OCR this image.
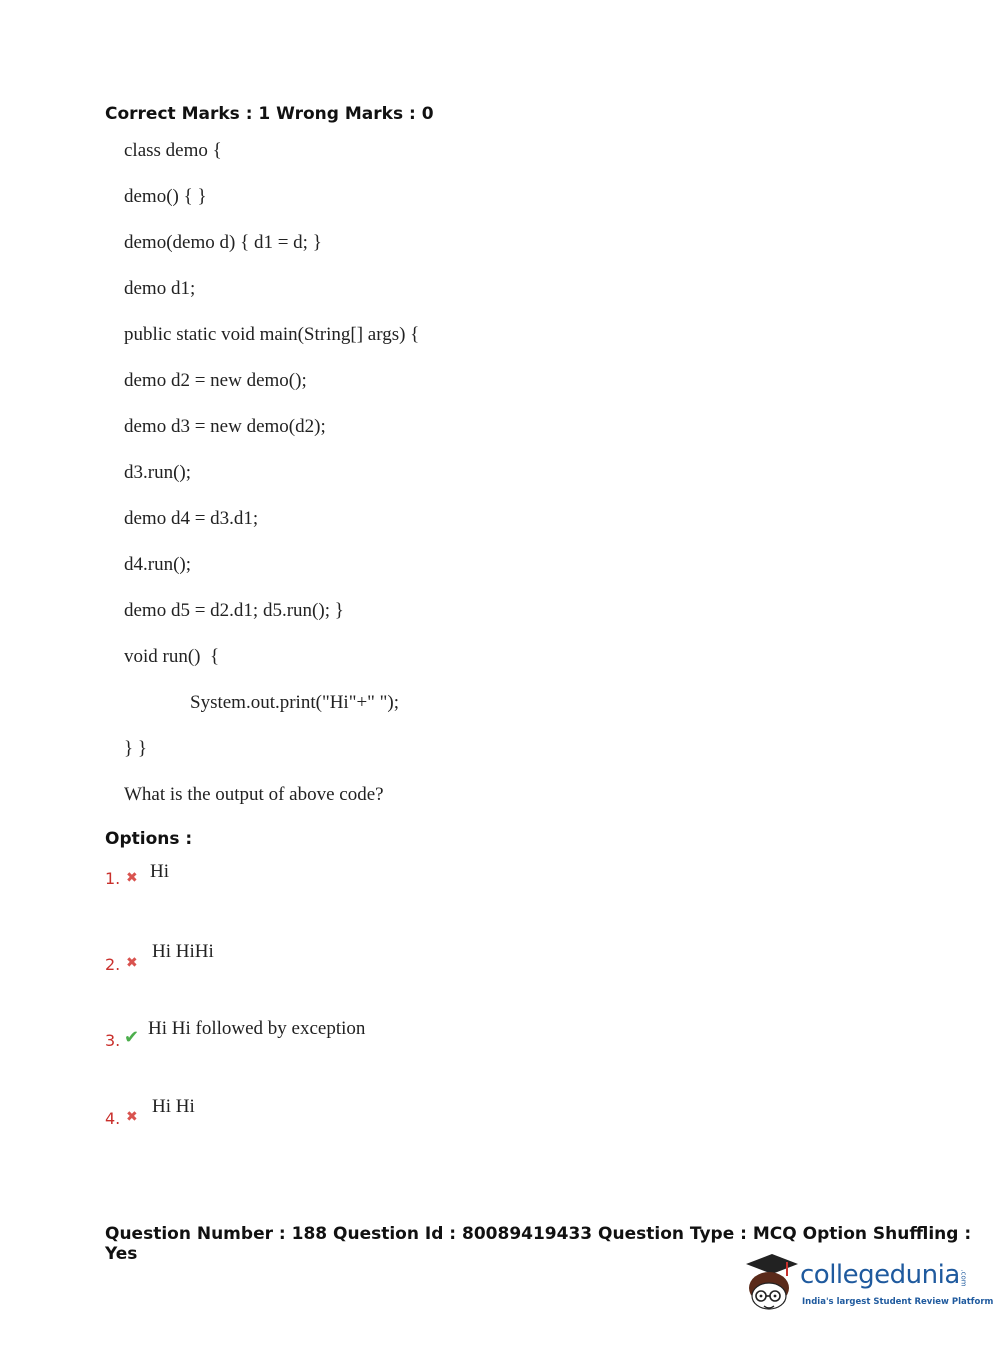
Correct Marks : 1 Wrong Marks : 0
class demo {
demo() { }
demo(demo d) { d1 = d; }
demo d1;
public static void main(String[] args) {
demo d2 = new demo();
demo d3 = new demo(d2);
d3.run();
demo d4 = d3.d1;
d4.run();
demo d5 = d2.d1; d5.run(); }
void run()  {
System.out.print("Hi"+" ");
} }
What is the output of above code?
Options :
1. ✖ Hi
2. ✖
Hi HiHi
3. ✔ Hi Hi followed by exception
4. ✖ Hi Hi
Question Number : 188 Question Id : 80089419433 Question Type : MCQ Option Shuffling : Yes
collegedunia .com
India's largest Student Review Platform
